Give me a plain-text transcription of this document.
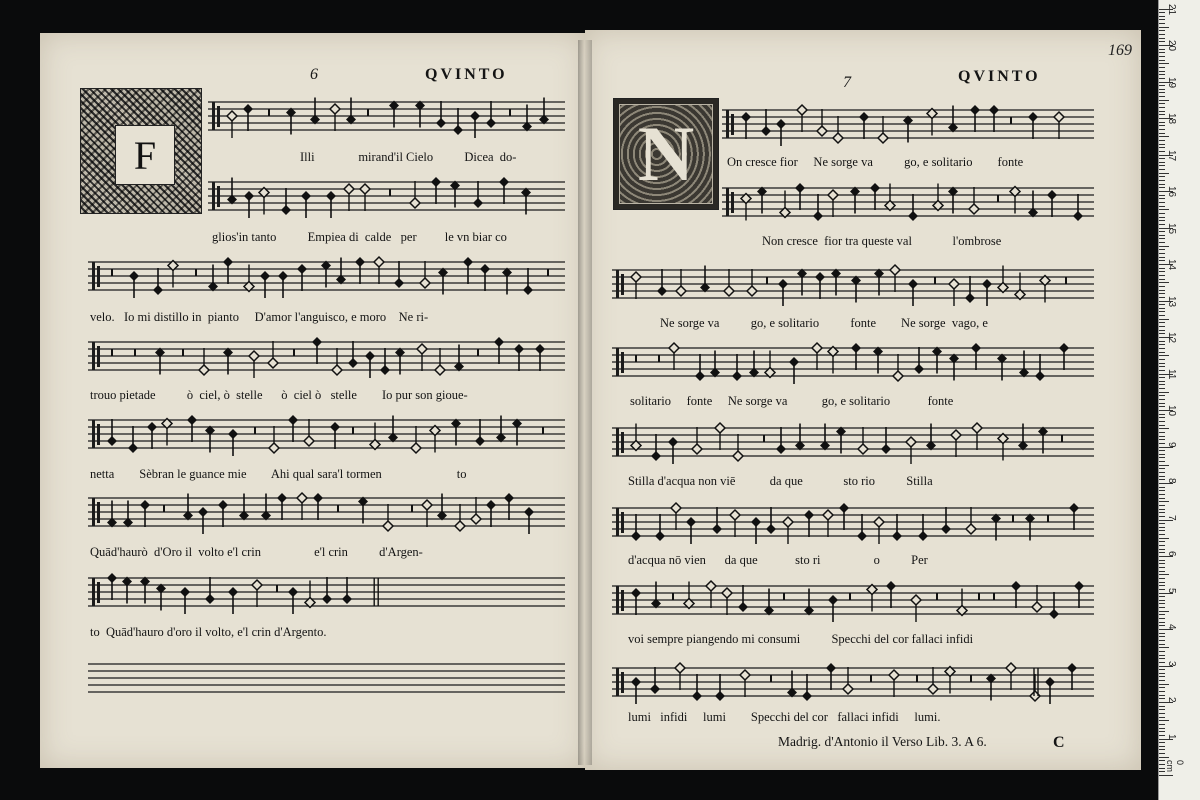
6	QVINTO
F
169
7	QVINTO
N
Illi              mirand'il Cielo          Dicea  do-
glios'in tanto          Empiea di  calde   per         le vn biar co
velo.   Io mi distillo in  pianto     D'amor l'anguisco, e moro    Ne ri-
trouo pietade          ò  ciel, ò  stelle      ò  ciel ò   stelle        Io pur son gioue-
netta        Sèbran le guance mie        Ahi qual sara'l tormen                        to
Quād'haurò  d'Oro il  volto e'l crin                 e'l crin          d'Argen-
to  Quād'hauro d'oro il volto, e'l crin d'Argento.
On cresce fior     Ne sorge va          go, e solitario        fonte
Non cresce  fior tra queste val             l'ombrose
Ne sorge va          go, e solitario          fonte        Ne sorge  vago, e
solitario     fonte     Ne sorge va           go, e solitario            fonte
Stilla d'acqua non viē           da que             sto rio          Stilla
d'acqua nō vien      da que            sto ri                 o          Per
voi sempre piangendo mi consumi          Specchi del cor fallaci infidi
lumi   infidi     lumi        Specchi del cor   fallaci infidi     lumi.
Madrig. d'Antonio il Verso Lib. 3. A 6.	C
0 cm
1
2
3
4
5
6
7
8
9
10
11
12
13
14
15
16
17
18
19
20
21
